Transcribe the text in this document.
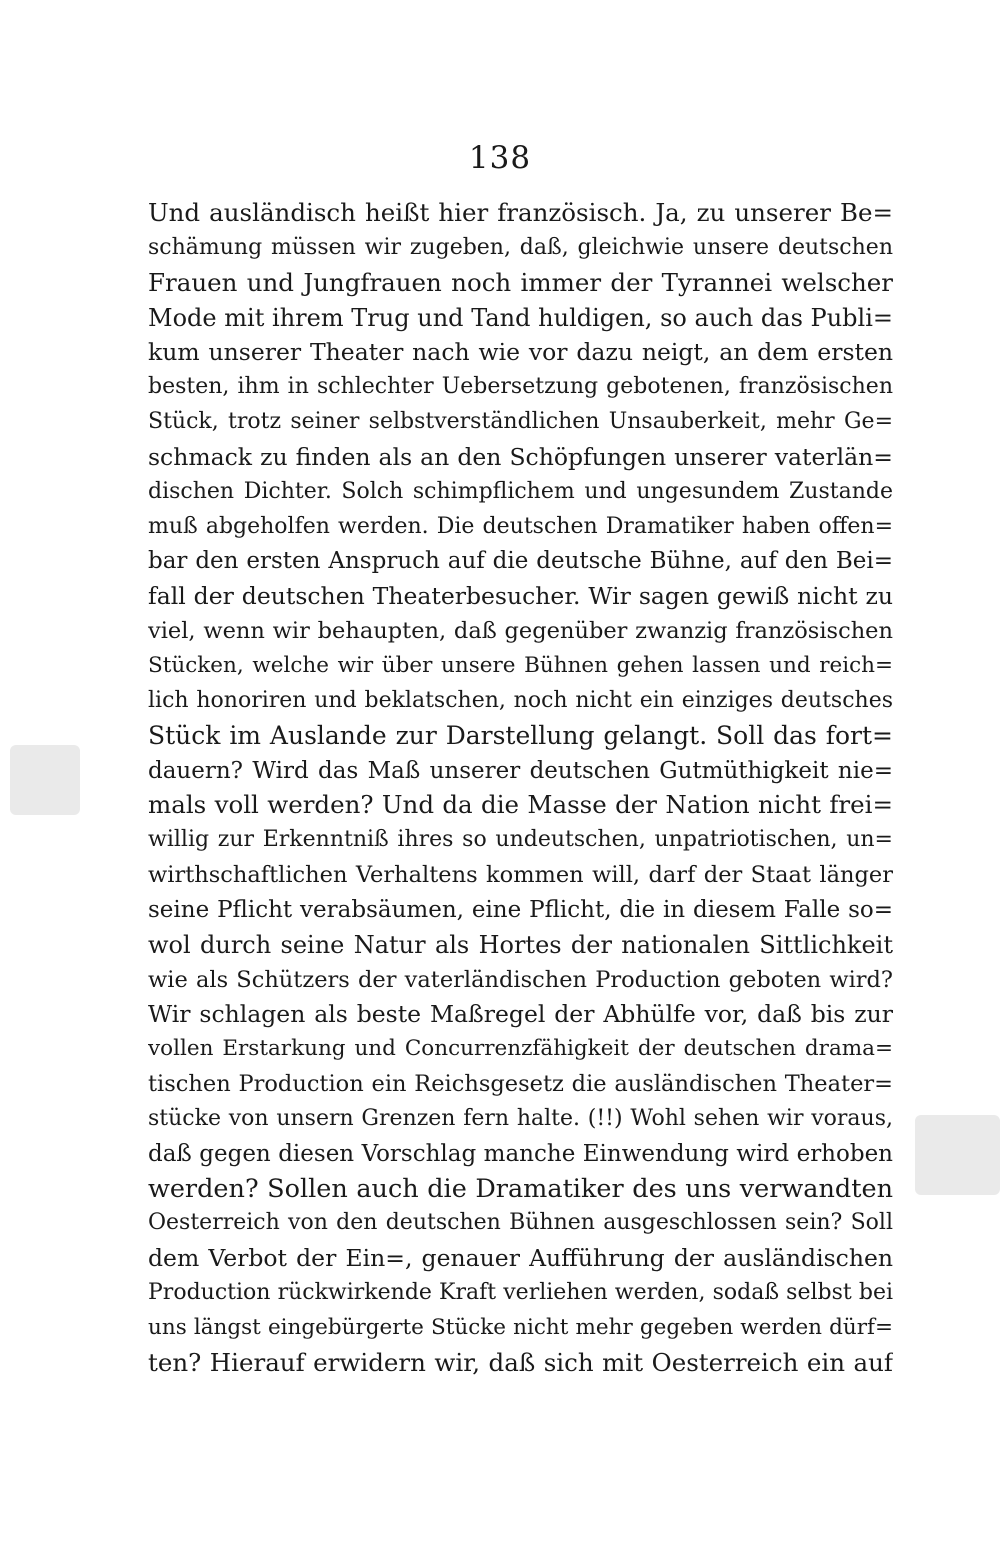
138
Und ausländisch heißt hier französisch. Ja, zu unserer Be=
schämung müssen wir zugeben, daß, gleichwie unsere deutschen
Frauen und Jungfrauen noch immer der Tyrannei welscher
Mode mit ihrem Trug und Tand huldigen, so auch das Publi=
kum unserer Theater nach wie vor dazu neigt, an dem ersten
besten, ihm in schlechter Uebersetzung gebotenen, französischen
Stück, trotz seiner selbstverständlichen Unsauberkeit, mehr Ge=
schmack zu finden als an den Schöpfungen unserer vaterlän=
dischen Dichter. Solch schimpflichem und ungesundem Zustande
muß abgeholfen werden. Die deutschen Dramatiker haben offen=
bar den ersten Anspruch auf die deutsche Bühne, auf den Bei=
fall der deutschen Theaterbesucher. Wir sagen gewiß nicht zu
viel, wenn wir behaupten, daß gegenüber zwanzig französischen
Stücken, welche wir über unsere Bühnen gehen lassen und reich=
lich honoriren und beklatschen, noch nicht ein einziges deutsches
Stück im Auslande zur Darstellung gelangt. Soll das fort=
dauern? Wird das Maß unserer deutschen Gutmüthigkeit nie=
mals voll werden? Und da die Masse der Nation nicht frei=
willig zur Erkenntniß ihres so undeutschen, unpatriotischen, un=
wirthschaftlichen Verhaltens kommen will, darf der Staat länger
seine Pflicht verabsäumen, eine Pflicht, die in diesem Falle so=
wol durch seine Natur als Hortes der nationalen Sittlichkeit
wie als Schützers der vaterländischen Production geboten wird?
Wir schlagen als beste Maßregel der Abhülfe vor, daß bis zur
vollen Erstarkung und Concurrenzfähigkeit der deutschen drama=
tischen Production ein Reichsgesetz die ausländischen Theater=
stücke von unsern Grenzen fern halte. (!!) Wohl sehen wir voraus,
daß gegen diesen Vorschlag manche Einwendung wird erhoben
werden? Sollen auch die Dramatiker des uns verwandten
Oesterreich von den deutschen Bühnen ausgeschlossen sein? Soll
dem Verbot der Ein=, genauer Aufführung der ausländischen
Production rückwirkende Kraft verliehen werden, sodaß selbst bei
uns längst eingebürgerte Stücke nicht mehr gegeben werden dürf=
ten? Hierauf erwidern wir, daß sich mit Oesterreich ein auf
